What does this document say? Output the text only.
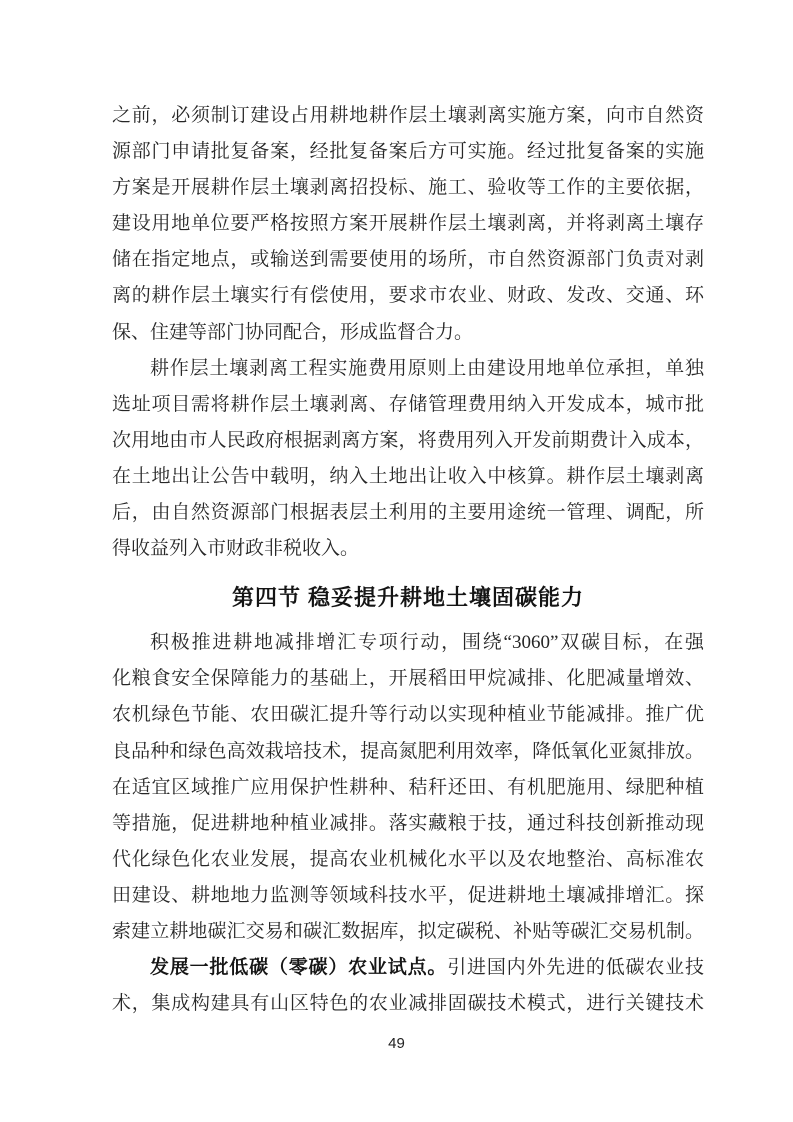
之前，必须制订建设占用耕地耕作层土壤剥离实施方案，向市自然资
源部门申请批复备案，经批复备案后方可实施。经过批复备案的实施
方案是开展耕作层土壤剥离招投标、施工、验收等工作的主要依据，
建设用地单位要严格按照方案开展耕作层土壤剥离，并将剥离土壤存
储在指定地点，或输送到需要使用的场所，市自然资源部门负责对剥
离的耕作层土壤实行有偿使用，要求市农业、财政、发改、交通、环
保、住建等部门协同配合，形成监督合力。
耕作层土壤剥离工程实施费用原则上由建设用地单位承担，单独
选址项目需将耕作层土壤剥离、存储管理费用纳入开发成本，城市批
次用地由市人民政府根据剥离方案，将费用列入开发前期费计入成本，
在土地出让公告中载明，纳入土地出让收入中核算。耕作层土壤剥离
后，由自然资源部门根据表层土利用的主要用途统一管理、调配，所
得收益列入市财政非税收入。
第四节 稳妥提升耕地土壤固碳能力
积极推进耕地减排增汇专项行动，围绕“3060”双碳目标，在强
化粮食安全保障能力的基础上，开展稻田甲烷减排、化肥减量增效、
农机绿色节能、农田碳汇提升等行动以实现种植业节能减排。推广优
良品种和绿色高效栽培技术，提高氮肥利用效率，降低氧化亚氮排放。
在适宜区域推广应用保护性耕种、秸秆还田、有机肥施用、绿肥种植
等措施，促进耕地种植业减排。落实藏粮于技，通过科技创新推动现
代化绿色化农业发展，提高农业机械化水平以及农地整治、高标准农
田建设、耕地地力监测等领域科技水平，促进耕地土壤减排增汇。探
索建立耕地碳汇交易和碳汇数据库，拟定碳税、补贴等碳汇交易机制。
发展一批低碳（零碳）农业试点。引进国内外先进的低碳农业技
术，集成构建具有山区特色的农业减排固碳技术模式，进行关键技术
49
